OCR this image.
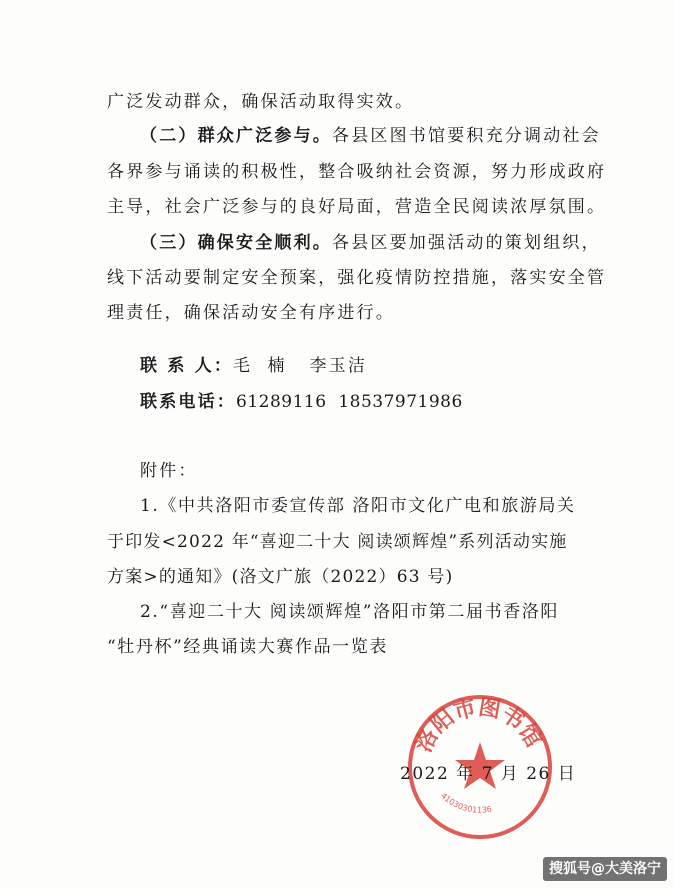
广泛发动群众，确保活动取得实效。
（二）群众广泛参与。各县区图书馆要积充分调动社会
各界参与诵读的积极性，整合吸纳社会资源，努力形成政府
主导，社会广泛参与的良好局面，营造全民阅读浓厚氛围。
（三）确保安全顺利。各县区要加强活动的策划组织，
线下活动要制定安全预案，强化疫情防控措施，落实安全管
理责任，确保活动安全有序进行。
联 系 人：毛  楠   李玉洁
联系电话：61289116  18537971986
附件：
1.《中共洛阳市委宣传部 洛阳市文化广电和旅游局关
于印发<2022 年“喜迎二十大 阅读颂辉煌”系列活动实施
方案>的通知》(洛文广旅（2022）63 号)
2.“喜迎二十大 阅读颂辉煌”洛阳市第二届书香洛阳
“牡丹杯”经典诵读大赛作品一览表
洛阳市图书馆
41030301136
2022 年 7 月 26 日
搜狐号@大美洛宁
